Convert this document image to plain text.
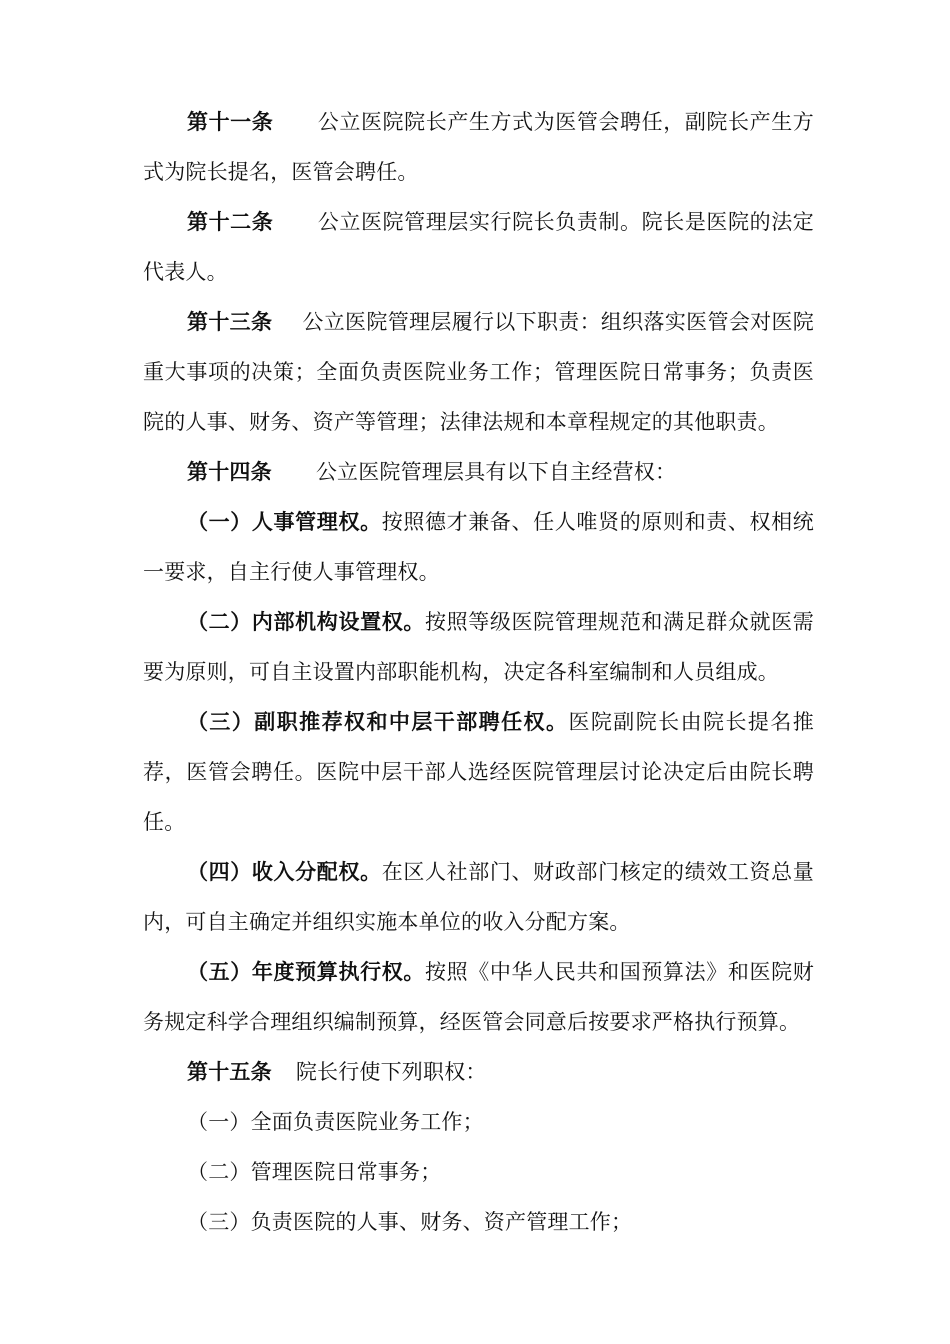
第十一条 公立医院院长产生方式为医管会聘任，副院长产生方式为院长提名，医管会聘任。

第十二条 公立医院管理层实行院长负责制。院长是医院的法定代表人。

第十三条 公立医院管理层履行以下职责：组织落实医管会对医院重大事项的决策；全面负责医院业务工作；管理医院日常事务；负责医院的人事、财务、资产等管理；法律法规和本章程规定的其他职责。

第十四条 公立医院管理层具有以下自主经营权：

（一）人事管理权。按照德才兼备、任人唯贤的原则和责、权相统一要求，自主行使人事管理权。

（二）内部机构设置权。按照等级医院管理规范和满足群众就医需要为原则，可自主设置内部职能机构，决定各科室编制和人员组成。

（三）副职推荐权和中层干部聘任权。医院副院长由院长提名推荐，医管会聘任。医院中层干部人选经医院管理层讨论决定后由院长聘任。

（四）收入分配权。在区人社部门、财政部门核定的绩效工资总量内，可自主确定并组织实施本单位的收入分配方案。

（五）年度预算执行权。按照《中华人民共和国预算法》和医院财务规定科学合理组织编制预算，经医管会同意后按要求严格执行预算。

第十五条 院长行使下列职权：

（一）全面负责医院业务工作；

（二）管理医院日常事务；

（三）负责医院的人事、财务、资产管理工作；
